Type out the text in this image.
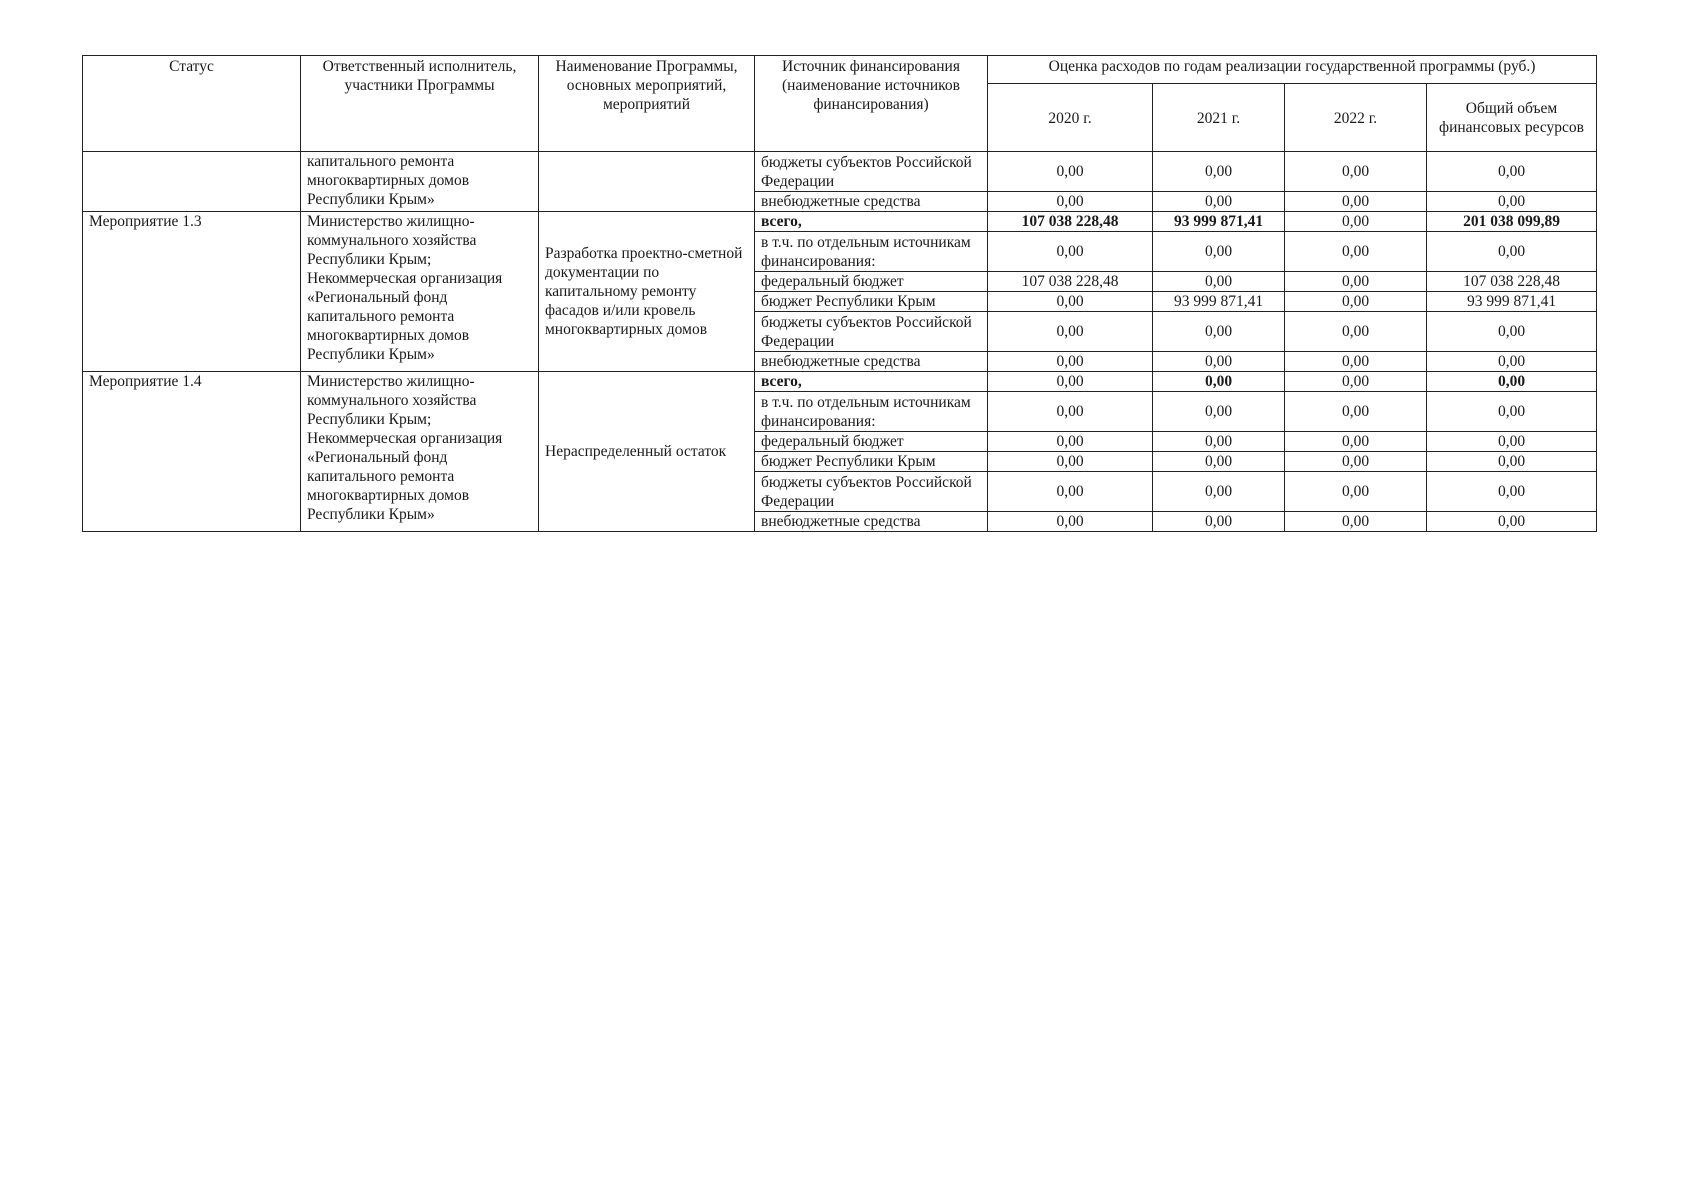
Статус	Ответственный исполнитель, участники Программы	Наименование Программы, основных мероприятий, мероприятий	Источник финансирования (наименование источников финансирования)	Оценка расходов по годам реализации государственной программы (руб.)			
				2020 г.	2021 г.	2022 г.	Общий объем финансовых ресурсов
	капитального ремонта многоквартирных домов Республики Крым»		бюджеты субъектов Российской Федерации	0,00	0,00	0,00	0,00
			внебюджетные средства	0,00	0,00	0,00	0,00
Мероприятие 1.3	Министерство жилищно-коммунального хозяйства Республики Крым; Некоммерческая организация «Региональный фонд капитального ремонта многоквартирных домов Республики Крым»	Разработка проектно-сметной документации по капитальному ремонту фасадов и/или кровель многоквартирных домов	всего,	107 038 228,48	93 999 871,41	0,00	201 038 099,89
			в т.ч. по отдельным источникам финансирования:	0,00	0,00	0,00	0,00
			федеральный бюджет	107 038 228,48	0,00	0,00	107 038 228,48
			бюджет Республики Крым	0,00	93 999 871,41	0,00	93 999 871,41
			бюджеты субъектов Российской Федерации	0,00	0,00	0,00	0,00
			внебюджетные средства	0,00	0,00	0,00	0,00
Мероприятие 1.4	Министерство жилищно-коммунального хозяйства Республики Крым; Некоммерческая организация «Региональный фонд капитального ремонта многоквартирных домов Республики Крым»	Нераспределенный остаток	всего,	0,00	0,00	0,00	0,00
			в т.ч. по отдельным источникам финансирования:	0,00	0,00	0,00	0,00
			федеральный бюджет	0,00	0,00	0,00	0,00
			бюджет Республики Крым	0,00	0,00	0,00	0,00
			бюджеты субъектов Российской Федерации	0,00	0,00	0,00	0,00
			внебюджетные средства	0,00	0,00	0,00	0,00
